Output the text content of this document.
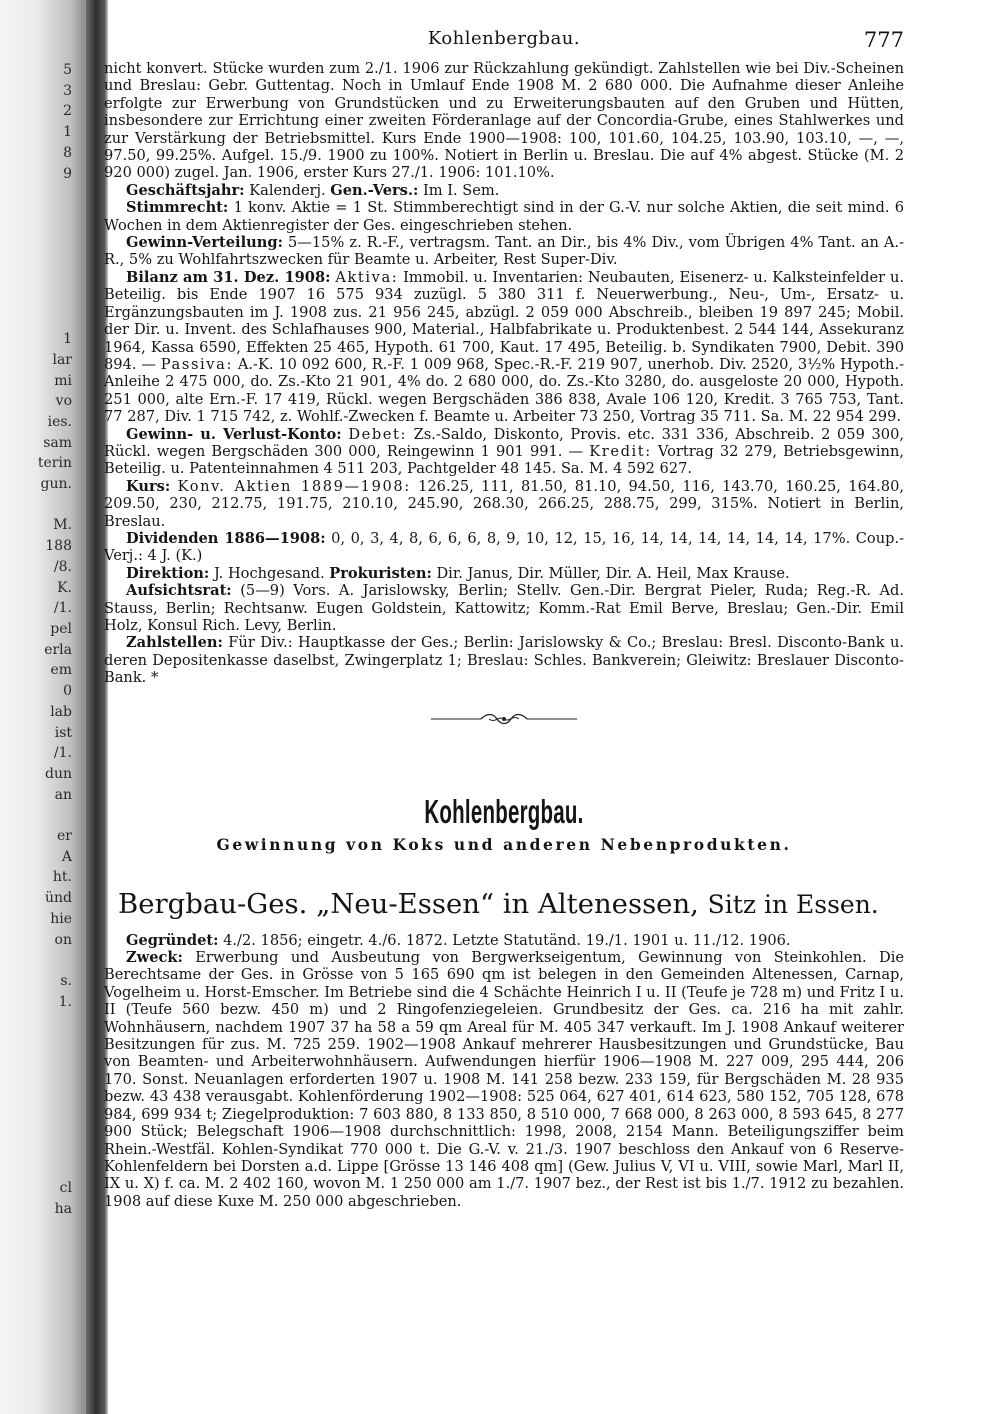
5
3
2
1
8
9

1
lar
mi
vo
ies.
sam
terin
gun.

M.
188
/8.
K.
/1.
pel
erla
em
0
lab
ist
/1.
dun
an

er
A
ht.
ünd
hie
on

s.
1.

cl
ha

Kohlenbergbau.	777

nicht konvert. Stücke wurden zum 2./1. 1906 zur Rückzahlung gekündigt. Zahlstellen wie bei Div.-Scheinen und Breslau: Gebr. Guttentag. Noch in Umlauf Ende 1908 M. 2 680 000. Die Aufnahme dieser Anleihe erfolgte zur Erwerbung von Grundstücken und zu Erweiterungsbauten auf den Gruben und Hütten, insbesondere zur Errichtung einer zweiten Förderanlage auf der Concordia-Grube, eines Stahlwerkes und zur Verstärkung der Betriebsmittel. Kurs Ende 1900—1908: 100, 101.60, 104.25, 103.90, 103.10, —, —, 97.50, 99.25%. Aufgel. 15./9. 1900 zu 100%. Notiert in Berlin u. Breslau. Die auf 4% abgest. Stücke (M. 2 920 000) zugel. Jan. 1906, erster Kurs 27./1. 1906: 101.10%.

Geschäftsjahr: Kalenderj. Gen.-Vers.: Im I. Sem.

Stimmrecht: 1 konv. Aktie = 1 St. Stimmberechtigt sind in der G.-V. nur solche Aktien, die seit mind. 6 Wochen in dem Aktienregister der Ges. eingeschrieben stehen.

Gewinn-Verteilung: 5—15% z. R.-F., vertragsm. Tant. an Dir., bis 4% Div., vom Übrigen 4% Tant. an A.-R., 5% zu Wohlfahrtszwecken für Beamte u. Arbeiter, Rest Super-Div.

Bilanz am 31. Dez. 1908: Aktiva: Immobil. u. Inventarien: Neubauten, Eisenerz- u. Kalksteinfelder u. Beteilig. bis Ende 1907 16 575 934 zuzügl. 5 380 311 f. Neuerwerbung., Neu-, Um-, Ersatz- u. Ergänzungsbauten im J. 1908 zus. 21 956 245, abzügl. 2 059 000 Abschreib., bleiben 19 897 245; Mobil. der Dir. u. Invent. des Schlafhauses 900, Material., Halbfabrikate u. Produktenbest. 2 544 144, Assekuranz 1964, Kassa 6590, Effekten 25 465, Hypoth. 61 700, Kaut. 17 495, Beteilig. b. Syndikaten 7900, Debit. 390 894. — Passiva: A.-K. 10 092 600, R.-F. 1 009 968, Spec.-R.-F. 219 907, unerhob. Div. 2520, 3½% Hypoth.-Anleihe 2 475 000, do. Zs.-Kto 21 901, 4% do. 2 680 000, do. Zs.-Kto 3280, do. ausgeloste 20 000, Hypoth. 251 000, alte Ern.-F. 17 419, Rückl. wegen Bergschäden 386 838, Avale 106 120, Kredit. 3 765 753, Tant. 77 287, Div. 1 715 742, z. Wohlf.-Zwecken f. Beamte u. Arbeiter 73 250, Vortrag 35 711. Sa. M. 22 954 299.

Gewinn- u. Verlust-Konto: Debet: Zs.-Saldo, Diskonto, Provis. etc. 331 336, Abschreib. 2 059 300, Rückl. wegen Bergschäden 300 000, Reingewinn 1 901 991. — Kredit: Vortrag 32 279, Betriebsgewinn, Beteilig. u. Patenteinnahmen 4 511 203, Pachtgelder 48 145. Sa. M. 4 592 627.

Kurs: Konv. Aktien 1889—1908: 126.25, 111, 81.50, 81.10, 94.50, 116, 143.70, 160.25, 164.80, 209.50, 230, 212.75, 191.75, 210.10, 245.90, 268.30, 266.25, 288.75, 299, 315%. Notiert in Berlin, Breslau.

Dividenden 1886—1908: 0, 0, 3, 4, 8, 6, 6, 6, 8, 9, 10, 12, 15, 16, 14, 14, 14, 14, 14, 14, 17%. Coup.-Verj.: 4 J. (K.)

Direktion: J. Hochgesand. Prokuristen: Dir. Janus, Dir. Müller, Dir. A. Heil, Max Krause.

Aufsichtsrat: (5—9) Vors. A. Jarislowsky, Berlin; Stellv. Gen.-Dir. Bergrat Pieler, Ruda; Reg.-R. Ad. Stauss, Berlin; Rechtsanw. Eugen Goldstein, Kattowitz; Komm.-Rat Emil Berve, Breslau; Gen.-Dir. Emil Holz, Konsul Rich. Levy, Berlin.

Zahlstellen: Für Div.: Hauptkasse der Ges.; Berlin: Jarislowsky & Co.; Breslau: Bresl. Disconto-Bank u. deren Depositenkasse daselbst, Zwingerplatz 1; Breslau: Schles. Bankverein; Gleiwitz: Breslauer Disconto-Bank. *

Kohlenbergbau.
Gewinnung von Koks und anderen Nebenprodukten.
Bergbau-Ges. „Neu-Essen“ in Altenessen, Sitz in Essen.

Gegründet: 4./2. 1856; eingetr. 4./6. 1872. Letzte Statutänd. 19./1. 1901 u. 11./12. 1906.

Zweck: Erwerbung und Ausbeutung von Bergwerkseigentum, Gewinnung von Steinkohlen. Die Berechtsame der Ges. in Grösse von 5 165 690 qm ist belegen in den Gemeinden Altenessen, Carnap, Vogelheim u. Horst-Emscher. Im Betriebe sind die 4 Schächte Heinrich I u. II (Teufe je 728 m) und Fritz I u. II (Teufe 560 bezw. 450 m) und 2 Ringofenziegeleien. Grundbesitz der Ges. ca. 216 ha mit zahlr. Wohnhäusern, nachdem 1907 37 ha 58 a 59 qm Areal für M. 405 347 verkauft. Im J. 1908 Ankauf weiterer Besitzungen für zus. M. 725 259. 1902—1908 Ankauf mehrerer Hausbesitzungen und Grundstücke, Bau von Beamten- und Arbeiterwohnhäusern. Aufwendungen hierfür 1906—1908 M. 227 009, 295 444, 206 170. Sonst. Neuanlagen erforderten 1907 u. 1908 M. 141 258 bezw. 233 159, für Bergschäden M. 28 935 bezw. 43 438 verausgabt. Kohlenförderung 1902—1908: 525 064, 627 401, 614 623, 580 152, 705 128, 678 984, 699 934 t; Ziegelproduktion: 7 603 880, 8 133 850, 8 510 000, 7 668 000, 8 263 000, 8 593 645, 8 277 900 Stück; Belegschaft 1906—1908 durchschnittlich: 1998, 2008, 2154 Mann. Beteiligungsziffer beim Rhein.-Westfäl. Kohlen-Syndikat 770 000 t. Die G.-V. v. 21./3. 1907 beschloss den Ankauf von 6 Reserve-Kohlenfeldern bei Dorsten a.d. Lippe [Grösse 13 146 408 qm] (Gew. Julius V, VI u. VIII, sowie Marl, Marl II, IX u. X) f. ca. M. 2 402 160, wovon M. 1 250 000 am 1./7. 1907 bez., der Rest ist bis 1./7. 1912 zu bezahlen. 1908 auf diese Kuxe M. 250 000 abgeschrieben.
